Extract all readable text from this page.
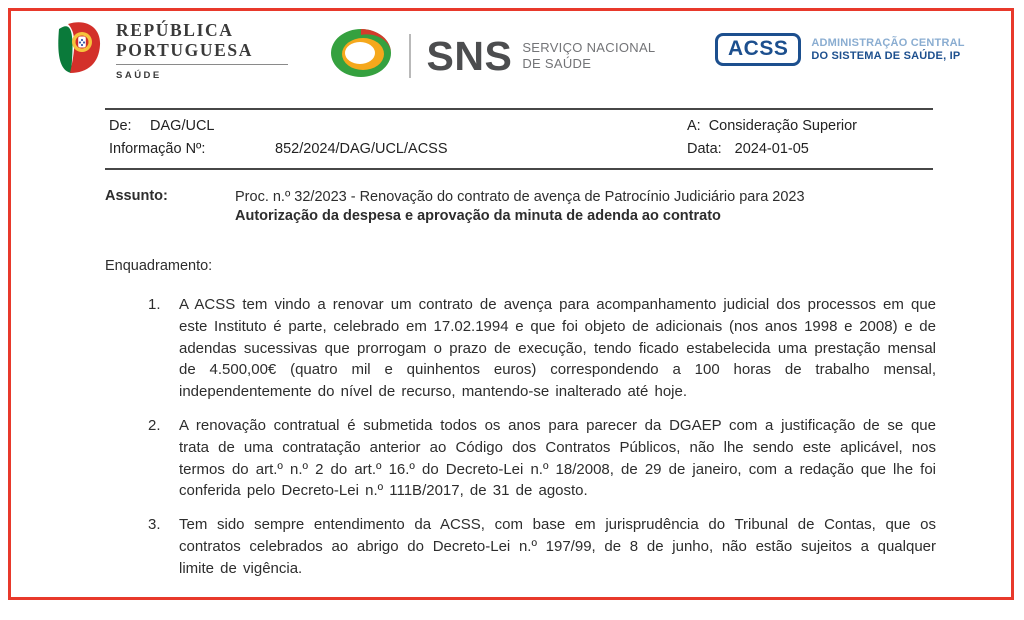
REPÚBLICA
PORTUGUESA
SAÚDE	SNS SERVIÇO NACIONAL
DE SAÚDE
ACSS	ADMINISTRAÇÃO CENTRAL
DO SISTEMA DE SAÚDE, IP
De: DAG/UCL	A: Consideração Superior
Informação Nº:	852/2024/DAG/UCL/ACSS	Data: 2024-01-05
Assunto:	Proc. n.º 32/2023 - Renovação do contrato de avença de Patrocínio Judiciário para 2023
Autorização da despesa e aprovação da minuta de adenda ao contrato
Enquadramento:
1.	A ACSS tem vindo a renovar um contrato de avença para acompanhamento judicial dos processos em que este Instituto é parte, celebrado em 17.02.1994 e que foi objeto de adicionais (nos anos 1998 e 2008) e de adendas sucessivas que prorrogam o prazo de execução, tendo ficado estabelecida uma prestação mensal de 4.500,00€ (quatro mil e quinhentos euros) correspondendo a 100 horas de trabalho mensal, independentemente do nível de recurso, mantendo-se inalterado até hoje.

2.	A renovação contratual é submetida todos os anos para parecer da DGAEP com a justificação de se que trata de uma contratação anterior ao Código dos Contratos Públicos, não lhe sendo este aplicável, nos termos do art.º n.º 2 do art.º 16.º do Decreto-Lei n.º 18/2008, de 29 de janeiro, com a redação que lhe foi conferida pelo Decreto-Lei n.º 111B/2017, de 31 de agosto.

3.	Tem sido sempre entendimento da ACSS, com base em jurisprudência do Tribunal de Contas, que os contratos celebrados ao abrigo do Decreto-Lei n.º 197/99, de 8 de junho, não estão sujeitos a qualquer limite de vigência.
